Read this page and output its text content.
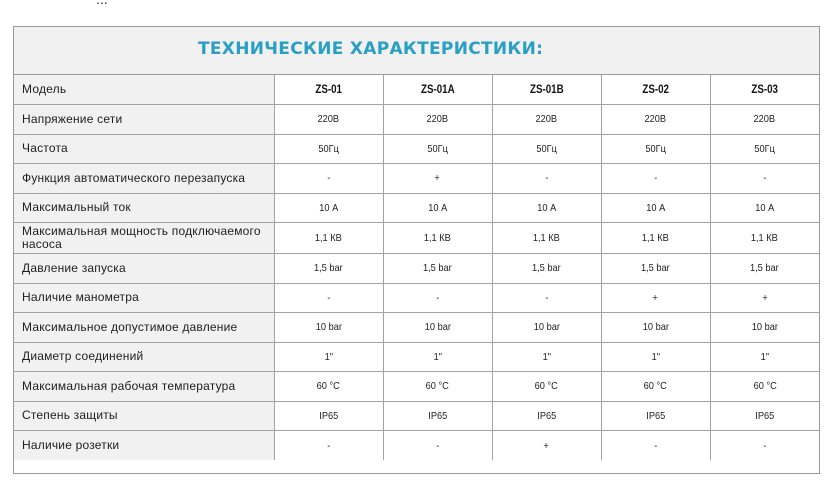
ТЕХНИЧЕСКИЕ ХАРАКТЕРИСТИКИ:
Модель	ZS-01	ZS-01A	ZS-01B	ZS-02	ZS-03
Напряжение сети	220В	220В	220В	220В	220В
Частота	50Гц	50Гц	50Гц	50Гц	50Гц
Функция автоматического перезапуска	-	+	-	-	-
Максимальный ток	10 А	10 А	10 А	10 А	10 А
Максимальная мощность подключаемого насоса	1,1 КВ	1,1 КВ	1,1 КВ	1,1 КВ	1,1 КВ
Давление запуска	1,5 bar	1,5 bar	1,5 bar	1,5 bar	1,5 bar
Наличие манометра	-	-	-	+	+
Максимальное допустимое давление	10 bar	10 bar	10 bar	10 bar	10 bar
Диаметр соединений	1"	1"	1"	1"	1"
Максимальная рабочая температура	60 °С	60 °С	60 °С	60 °С	60 °С
Степень защиты	IP65	IP65	IP65	IP65	IP65
Наличие розетки	-	-	+	-	-
